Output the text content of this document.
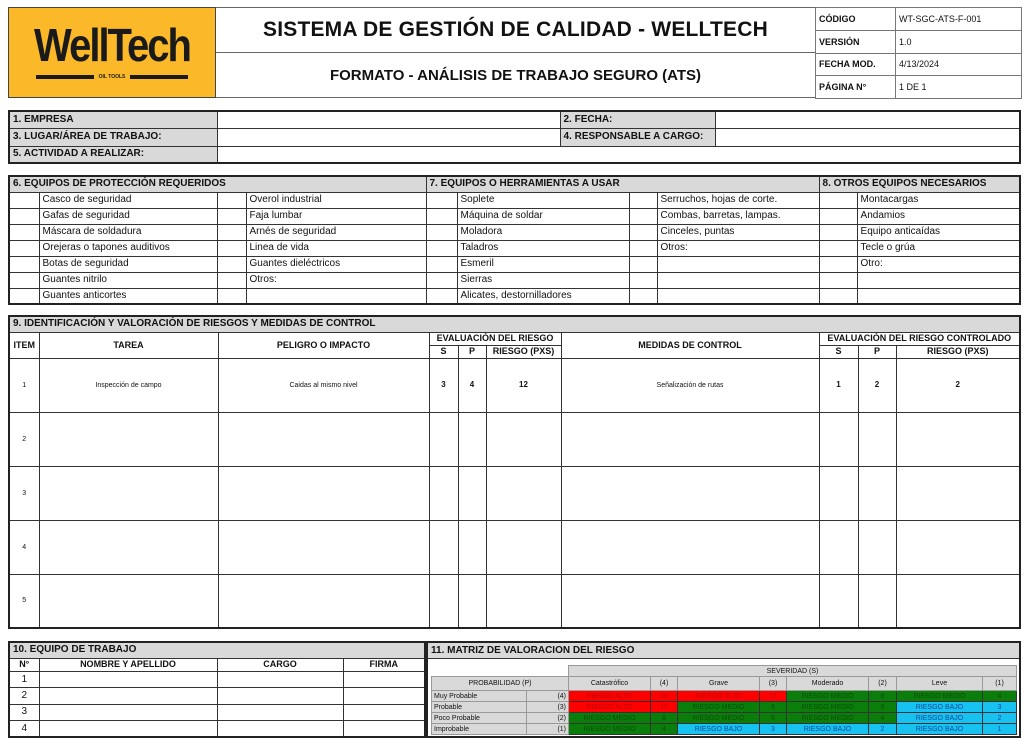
WellTech
OIL TOOLS
SISTEMA DE GESTIÓN DE CALIDAD - WELLTECH
FORMATO - ANÁLISIS DE TRABAJO SEGURO (ATS)
CÓDIGO	WT-SGC-ATS-F-001
VERSIÓN	1.0
FECHA MOD.	4/13/2024
PÁGINA N°	1 DE 1
1. EMPRESA		2. FECHA:	
3. LUGAR/ÁREA DE TRABAJO:		4. RESPONSABLE A CARGO:	
5. ACTIVIDAD A REALIZAR:			
6. EQUIPOS DE PROTECCIÓN REQUERIDOS				7. EQUIPOS O HERRAMIENTAS A USAR				8. OTROS EQUIPOS NECESARIOS	
	Casco de seguridad		Overol industrial		Soplete		Serruchos, hojas de corte.		Montacargas
	Gafas de seguridad		Faja lumbar		Máquina de soldar		Combas, barretas, lampas.		Andamios
	Máscara de soldadura		Arnés de seguridad		Moladora		Cinceles, puntas		Equipo anticaídas
	Orejeras o tapones auditivos		Linea de vida		Taladros		Otros:		Tecle o grúa
	Botas de seguridad		Guantes dieléctricos		Esmeril				Otro:
	Guantes nitrilo		Otros:		Sierras				
	Guantes anticortes				Alicates, destornilladores				
9. IDENTIFICACIÓN Y VALORACIÓN DE RIESGOS Y MEDIDAS DE CONTROL									
ITEM	TAREA	PELIGRO O IMPACTO	EVALUACIÓN DEL RIESGO			MEDIDAS DE CONTROL	EVALUACIÓN DEL RIESGO CONTROLADO		
			S	P	RIESGO (PXS)		S	P	RIESGO (PXS)
1	Inspección de campo	Caidas al mismo nivel	3	4	12	Señalización de rutas	1	2	2
2									
3									
4									
5									
10. EQUIPO DE TRABAJO			
N°	NOMBRE Y APELLIDO	CARGO	FIRMA
1			
2			
3			
4			
11. MATRIZ DE VALORACION DEL RIESGO
		SEVERIDAD (S)							
PROBABILIDAD (P)		Catastrófico	(4)	Grave	(3)	Moderado	(2)	Leve	(1)
Muy Probable	(4)	RIESGO ALTO	16	RIESGO ALTO	12	RIESGO MEDIO	8	RIESGO MEDIO	4
Probable	(3)	RIESGO ALTO	12	RIESGO MEDIO	9	RIESGO MEDIO	6	RIESGO BAJO	3
Poco Probable	(2)	RIESGO MEDIO	8	RIESGO MEDIO	6	RIESGO MEDIO	4	RIESGO BAJO	2
Improbable	(1)	RIESGO MEDIO	4	RIESGO BAJO	3	RIESGO BAJO	2	RIESGO BAJO	1
